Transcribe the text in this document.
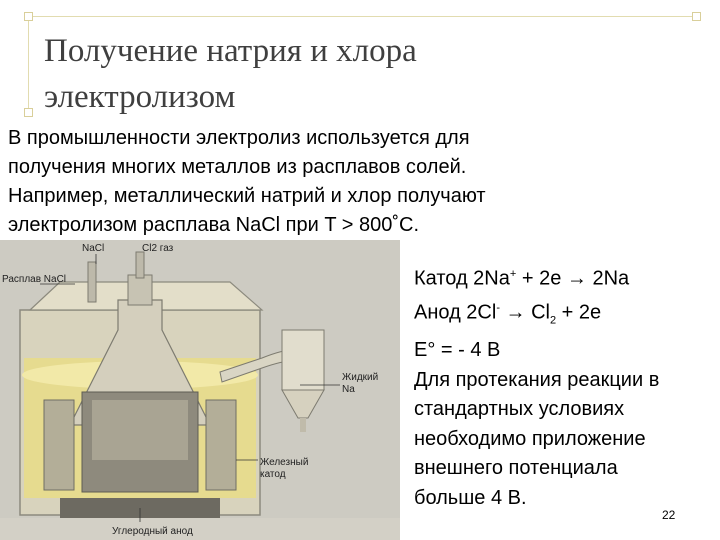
Получение натрия и хлора
электролизом

В промышленности электролиз используется для
получения многих металлов из расплавов солей.
Например, металлический натрий и хлор получают
электролизом расплава NaCl при T > 800˚C.

NaCl	Cl2 газ
Расплав NaCl
Жидкий
Na
Железный
катод
Углеродный анод
Катод 2Na+ + 2e → 2Na
Анод $2Cl^- \to Cl_2 + 2e$
E° = - 4 B
Для протекания реакции в
стандартных условиях
необходимо приложение
внешнего потенциала
больше 4 В.
22
